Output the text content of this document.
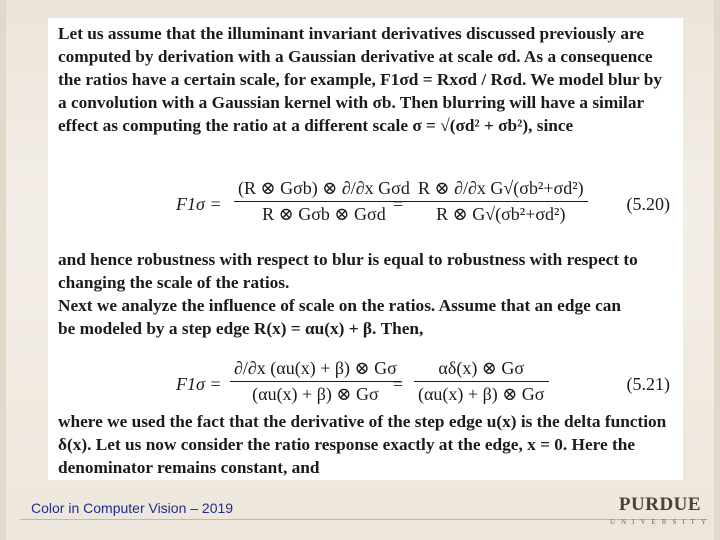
Let us assume that the illuminant invariant derivatives discussed previously are
computed by derivation with a Gaussian derivative at scale σd. As a consequence
the ratios have a certain scale, for example, F1σd = Rxσd / Rσd. We model blur by
a convolution with a Gaussian kernel with σb. Then blurring will have a similar
effect as computing the ratio at a different scale σ = √(σd² + σb²), since

F1σ =
(R ⊗ Gσb) ⊗ ∂/∂x Gσd
R ⊗ Gσb ⊗ Gσd
=
R ⊗ ∂/∂x G√(σb²+σd²)
R ⊗ G√(σb²+σd²)
(5.20)

and hence robustness with respect to blur is equal to robustness with respect to
changing the scale of the ratios.
Next we analyze the influence of scale on the ratios. Assume that an edge can
be modeled by a step edge R(x) = αu(x) + β. Then,

F1σ =
∂/∂x (αu(x) + β) ⊗ Gσ
(αu(x) + β) ⊗ Gσ
=
αδ(x) ⊗ Gσ
(αu(x) + β) ⊗ Gσ
(5.21)

where we used the fact that the derivative of the step edge u(x) is the delta function
δ(x). Let us now consider the ratio response exactly at the edge, x = 0. Here the
denominator remains constant, and

Color in Computer Vision – 2019	PURDUE
UNIVERSITY
